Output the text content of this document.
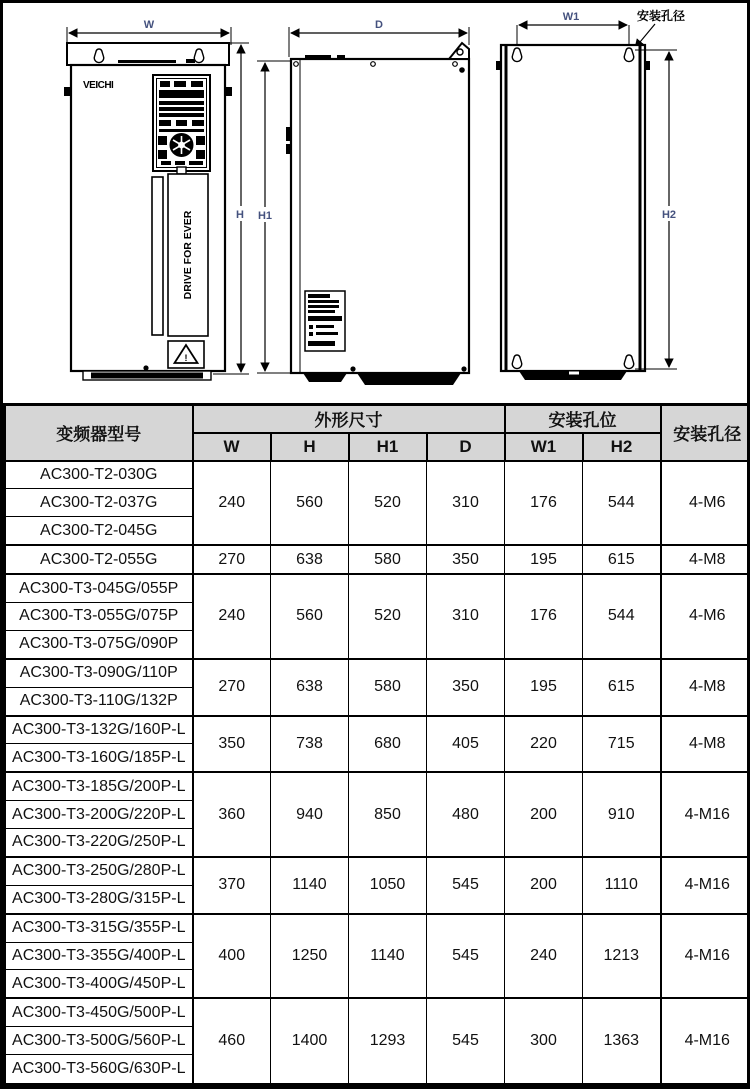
W
VEICHI
DRIVE FOR EVER
!
H
D
H1
W1	安装孔径
H2
变频器型号	外形尺寸				安装孔位		安装孔径
	W	H	H1	D	W1	H2	
AC300-T2-030G	240	560	520	310	176	544	4-M6
AC300-T2-037G							
AC300-T2-045G							
AC300-T2-055G	270	638	580	350	195	615	4-M8
AC300-T3-045G/055P	240	560	520	310	176	544	4-M6
AC300-T3-055G/075P							
AC300-T3-075G/090P							
AC300-T3-090G/110P	270	638	580	350	195	615	4-M8
AC300-T3-110G/132P							
AC300-T3-132G/160P-L	350	738	680	405	220	715	4-M8
AC300-T3-160G/185P-L							
AC300-T3-185G/200P-L	360	940	850	480	200	910	4-M16
AC300-T3-200G/220P-L							
AC300-T3-220G/250P-L							
AC300-T3-250G/280P-L	370	1140	1050	545	200	1110	4-M16
AC300-T3-280G/315P-L							
AC300-T3-315G/355P-L	400	1250	1140	545	240	1213	4-M16
AC300-T3-355G/400P-L							
AC300-T3-400G/450P-L							
AC300-T3-450G/500P-L	460	1400	1293	545	300	1363	4-M16
AC300-T3-500G/560P-L							
AC300-T3-560G/630P-L							
